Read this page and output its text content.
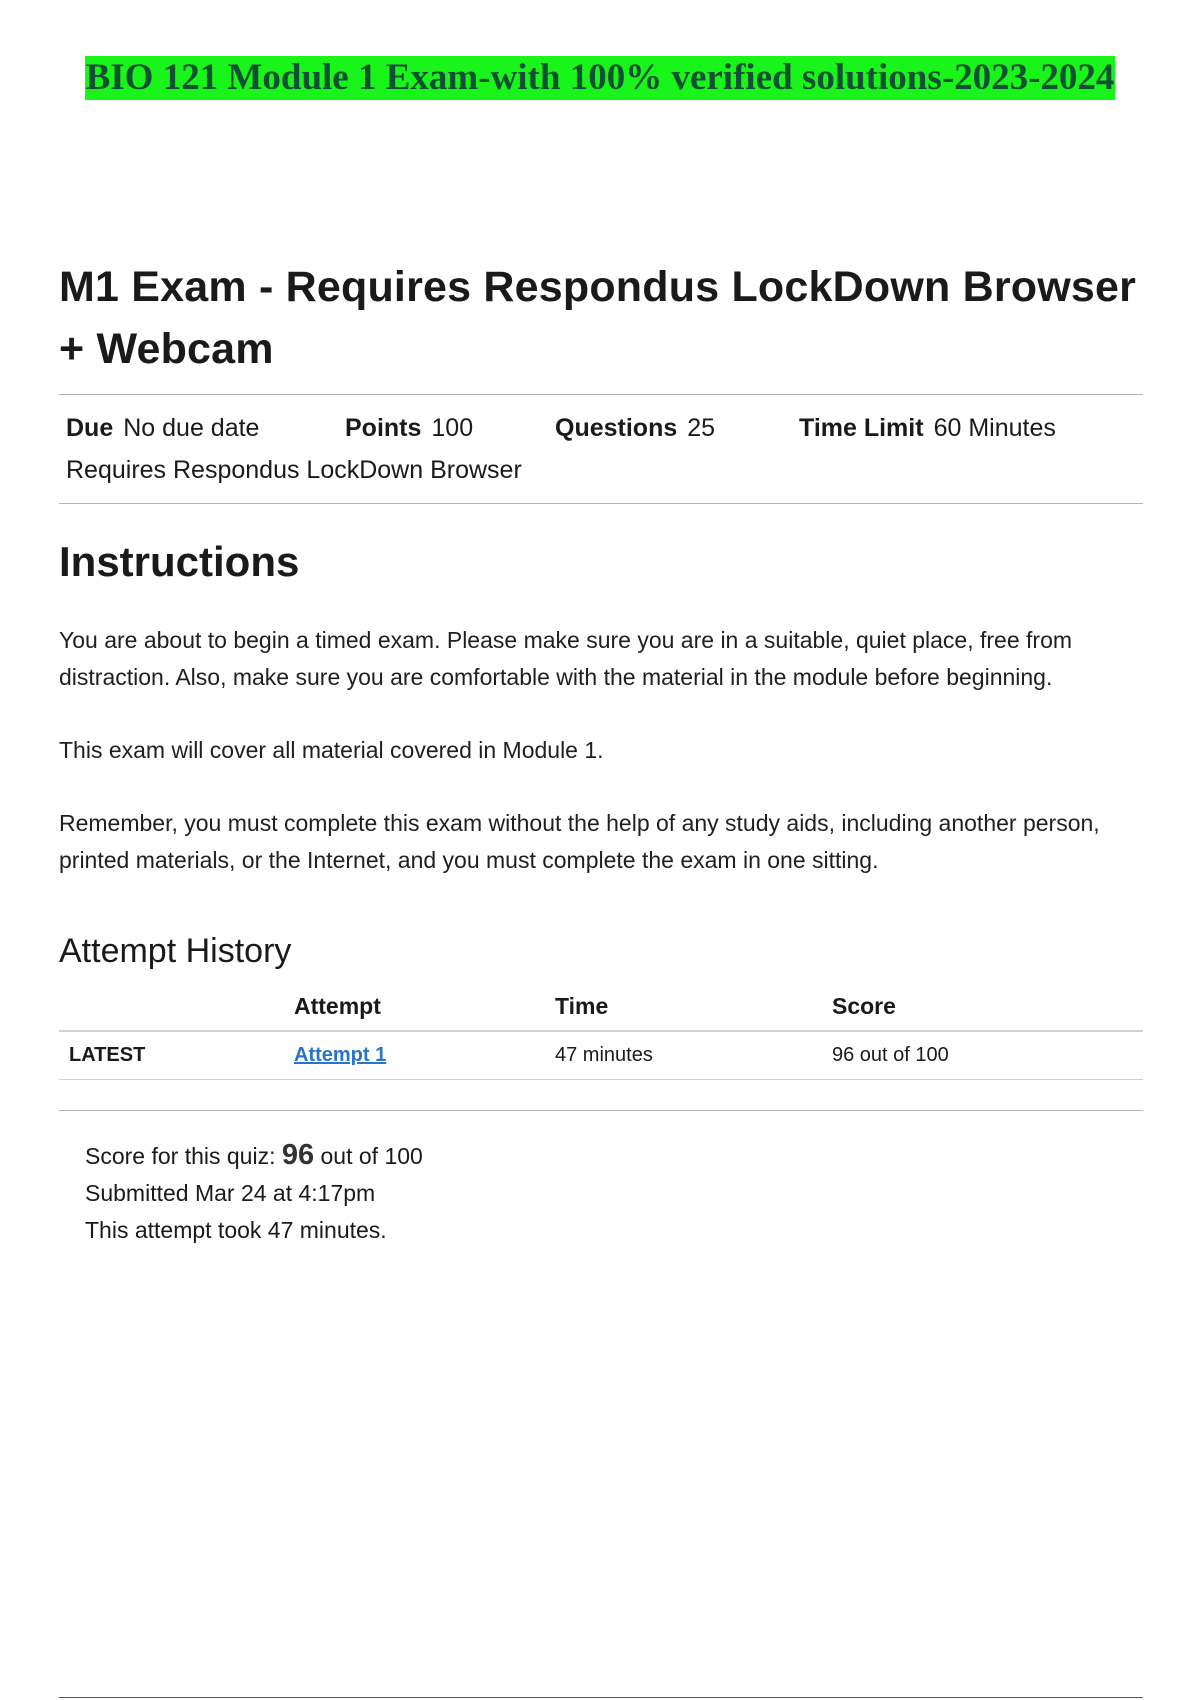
BIO 121 Module 1 Exam-with 100% verified solutions-2023-2024
M1 Exam - Requires Respondus LockDown Browser + Webcam
Due No due date	Points 100	Questions 25	Time Limit 60 Minutes
Requires Respondus LockDown Browser
Instructions

You are about to begin a timed exam. Please make sure you are in a suitable, quiet place, free from distraction. Also, make sure you are comfortable with the material in the module before beginning.

This exam will cover all material covered in Module 1.

Remember, you must complete this exam without the help of any study aids, including another person, printed materials, or the Internet, and you must complete the exam in one sitting.

Attempt History
	Attempt	Time	Score
LATEST	Attempt 1	47 minutes	96 out of 100
Score for this quiz: 96 out of 100
Submitted Mar 24 at 4:17pm
This attempt took 47 minutes.
